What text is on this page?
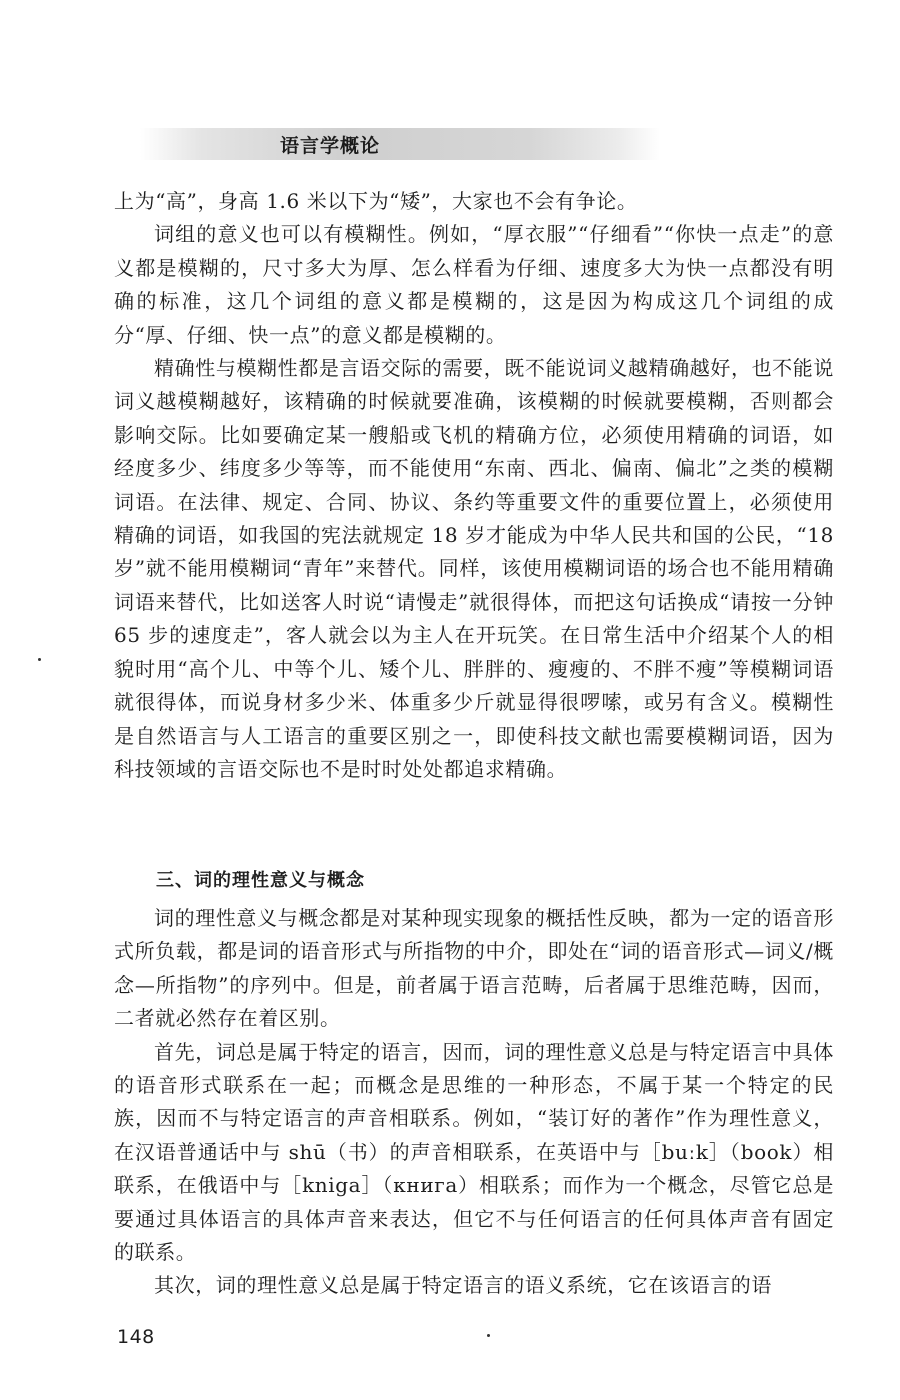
语言学概论

上为“高”，身高 1.6 米以下为“矮”，大家也不会有争论。

词组的意义也可以有模糊性。例如，“厚衣服”“仔细看”“你快一点走”的意义都是模糊的，尺寸多大为厚、怎么样看为仔细、速度多大为快一点都没有明确的标准，这几个词组的意义都是模糊的，这是因为构成这几个词组的成分“厚、仔细、快一点”的意义都是模糊的。

精确性与模糊性都是言语交际的需要，既不能说词义越精确越好，也不能说词义越模糊越好，该精确的时候就要准确，该模糊的时候就要模糊，否则都会影响交际。比如要确定某一艘船或飞机的精确方位，必须使用精确的词语，如经度多少、纬度多少等等，而不能使用“东南、西北、偏南、偏北”之类的模糊词语。在法律、规定、合同、协议、条约等重要文件的重要位置上，必须使用精确的词语，如我国的宪法就规定 18 岁才能成为中华人民共和国的公民，“18 岁”就不能用模糊词“青年”来替代。同样，该使用模糊词语的场合也不能用精确词语来替代，比如送客人时说“请慢走”就很得体，而把这句话换成“请按一分钟 65 步的速度走”，客人就会以为主人在开玩笑。在日常生活中介绍某个人的相貌时用“高个儿、中等个儿、矮个儿、胖胖的、瘦瘦的、不胖不瘦”等模糊词语就很得体，而说身材多少米、体重多少斤就显得很啰嗦，或另有含义。模糊性是自然语言与人工语言的重要区别之一，即使科技文献也需要模糊词语，因为科技领域的言语交际也不是时时处处都追求精确。

三、词的理性意义与概念

词的理性意义与概念都是对某种现实现象的概括性反映，都为一定的语音形式所负载，都是词的语音形式与所指物的中介，即处在“词的语音形式—词义/概念—所指物”的序列中。但是，前者属于语言范畴，后者属于思维范畴，因而，二者就必然存在着区别。

首先，词总是属于特定的语言，因而，词的理性意义总是与特定语言中具体的语音形式联系在一起；而概念是思维的一种形态，不属于某一个特定的民族，因而不与特定语言的声音相联系。例如，“装订好的著作”作为理性意义，在汉语普通话中与 shū（书）的声音相联系，在英语中与［buːk］（book）相联系，在俄语中与［kniga］（книга）相联系；而作为一个概念，尽管它总是要通过具体语言的具体声音来表达，但它不与任何语言的任何具体声音有固定的联系。

其次，词的理性意义总是属于特定语言的语义系统，它在该语言的语

148
